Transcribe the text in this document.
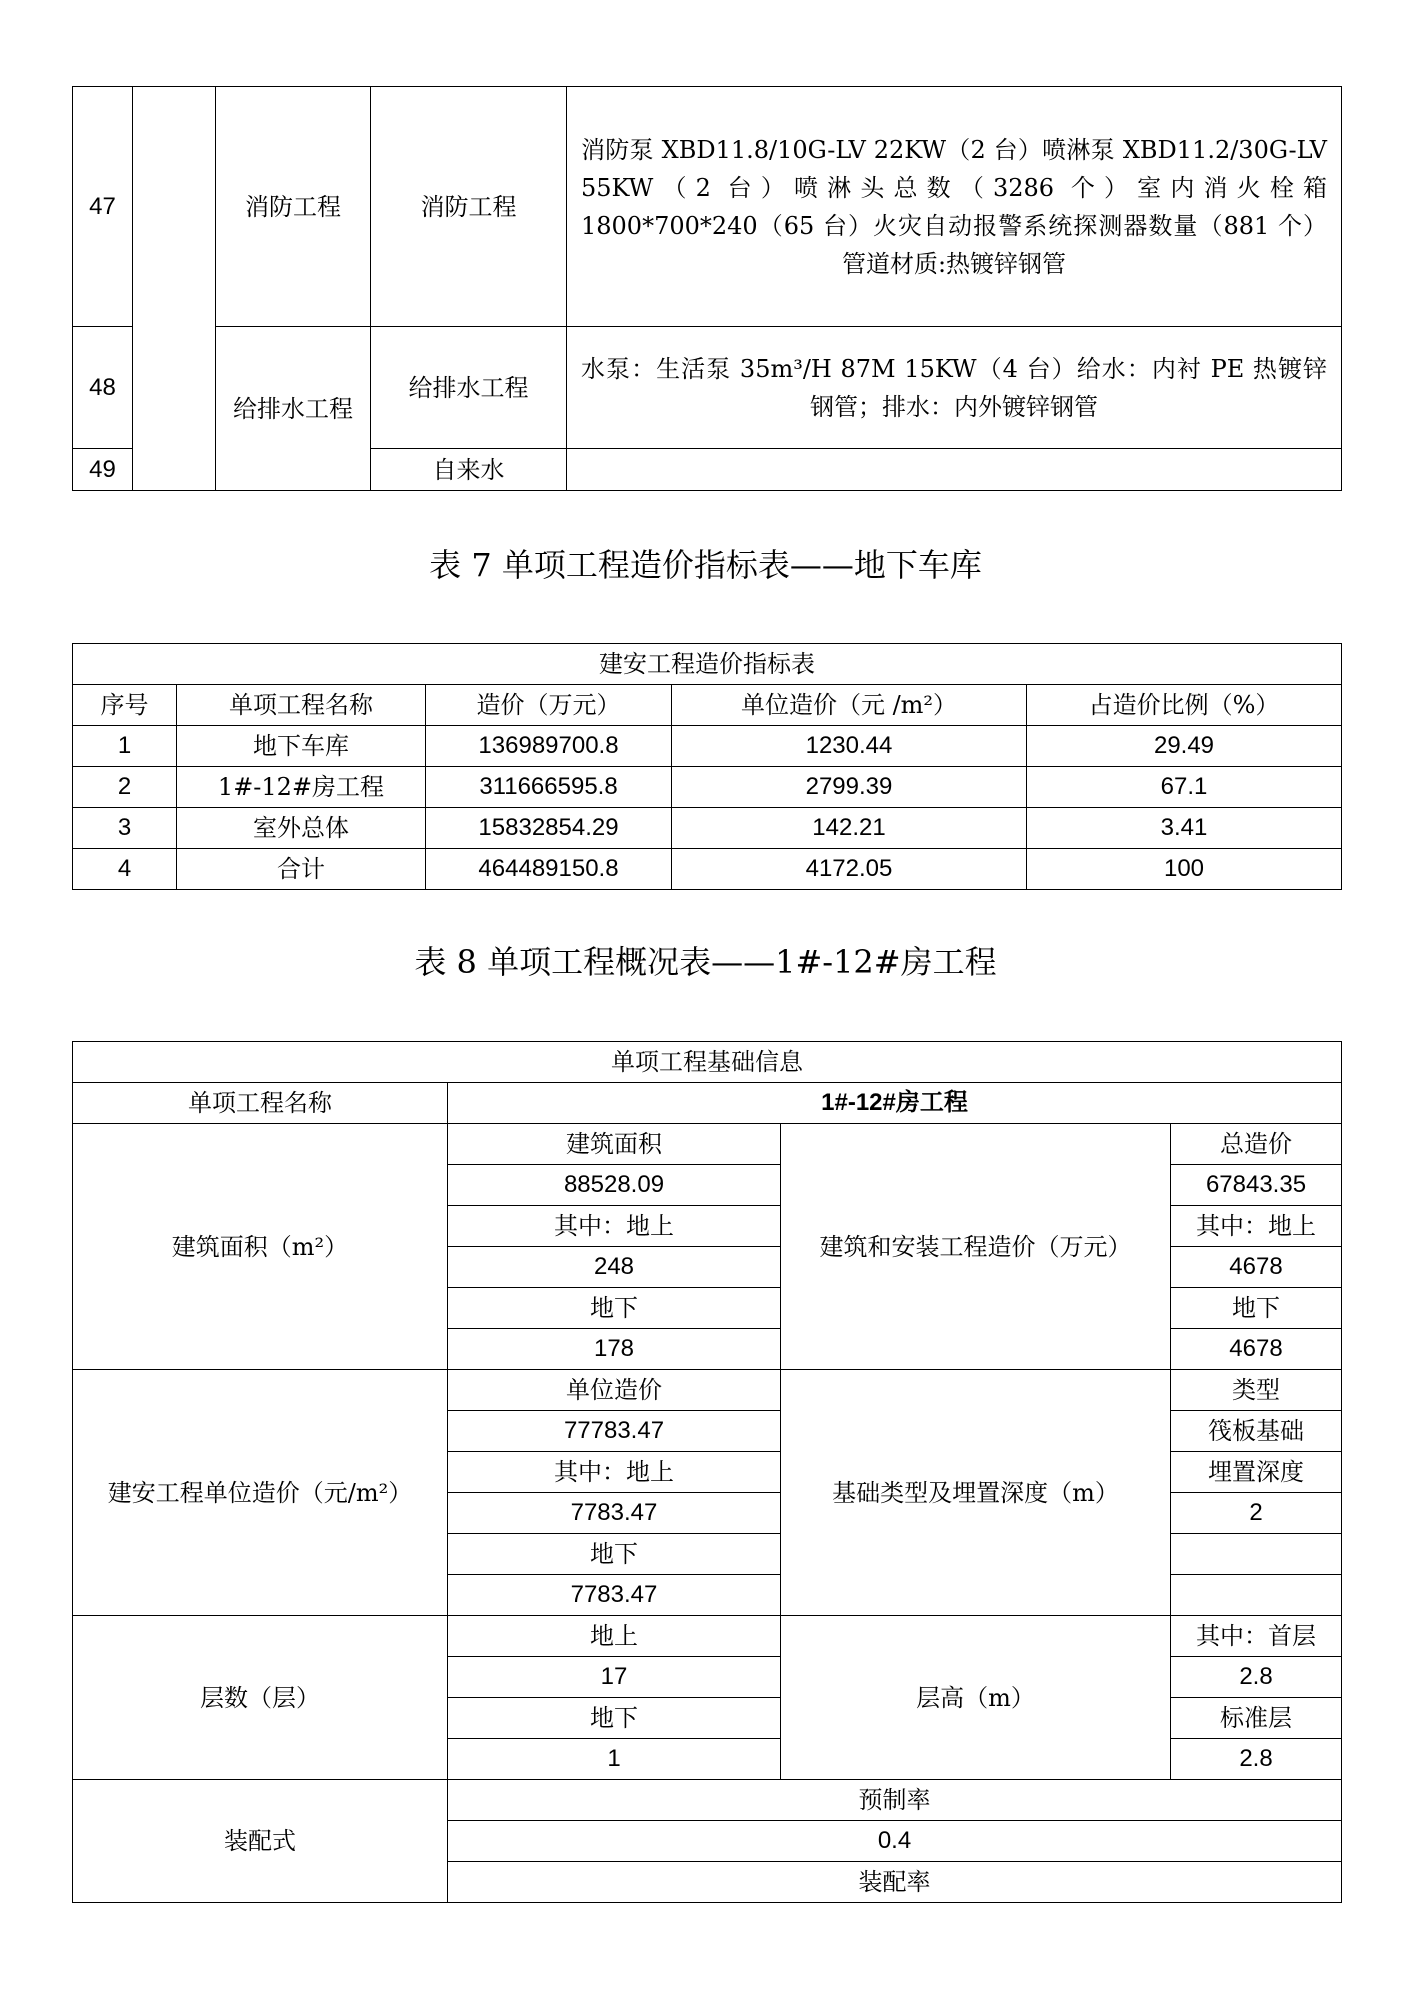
47		消防工程	消防工程	消防泵 XBD11.8/10G-LV 22KW（2 台）喷淋泵 XBD11.2/30G-LV 55KW（2 台）喷淋头总数（3286 个）室内消火栓箱 1800*700*240（65 台）火灾自动报警系统探测器数量（881 个）管道材质:热镀锌钢管
48		给排水工程	给排水工程	水泵：生活泵 35m³/H 87M 15KW（4 台）给水：内衬 PE 热镀锌钢管；排水：内外镀锌钢管
49			自来水	
表 7 单项工程造价指标表——地下车库
建安工程造价指标表				
序号	单项工程名称	造价（万元）	单位造价（元 /m²）	占造价比例（%）
1	地下车库	136989700.8	1230.44	29.49
2	1#-12#房工程	311666595.8	2799.39	67.1
3	室外总体	15832854.29	142.21	3.41
4	合计	464489150.8	4172.05	100
表 8 单项工程概况表——1#-12#房工程
单项工程基础信息			
单项工程名称	1#-12#房工程		
建筑面积（m²）	建筑面积	建筑和安装工程造价（万元）	总造价
	88528.09		67843.35
	其中：地上		其中：地上
	248		4678
	地下		地下
	178		4678
建安工程单位造价（元/m²）	单位造价	基础类型及埋置深度（m）	类型
	77783.47		筏板基础
	其中：地上		埋置深度
	7783.47		2
	地下		
	7783.47		
层数（层）	地上	层高（m）	其中：首层
	17		2.8
	地下		标准层
	1		2.8
装配式	预制率		
	0.4		
	装配率		
